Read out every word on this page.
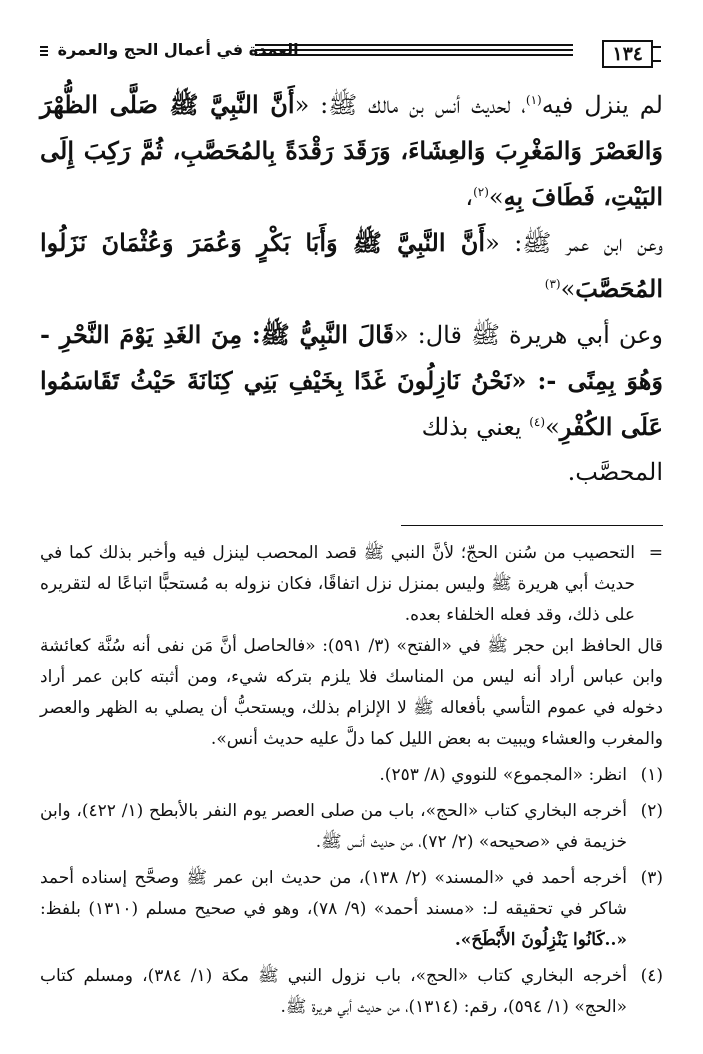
١٣٤
العمدة في أعمال الحج والعمرة

لم ينزل فيه$^{(١)}$، لحديث أنس بن مالك ﷺ: «أَنَّ النَّبِيَّ ﷺ صَلَّى الظُّهْرَ وَالعَصْرَ وَالمَغْرِبَ وَالعِشَاءَ، وَرَقَدَ رَقْدَةً بِالمُحَصَّبِ، ثُمَّ رَكِبَ إِلَى البَيْتِ، فَطَافَ بِهِ»$^{(٢)}$،

وعن ابن عمر ﷺ: «أَنَّ النَّبِيَّ ﷺ وَأَبَا بَكْرٍ وَعُمَرَ وَعُثْمَانَ نَزَلُوا المُحَصَّبَ»$^{(٣)}$

وعن أبي هريرة ﷺ قال: «قَالَ النَّبِيُّ ﷺ: مِنَ الغَدِ يَوْمَ النَّحْرِ - وَهُوَ بِمِنًى -: «نَحْنُ نَازِلُونَ غَدًا بِخَيْفِ بَنِي كِنَانَةَ حَيْثُ تَقَاسَمُوا عَلَى الكُفْرِ»$^{(٤)}$ يعني بذلك

المحصَّب.

=
التحصيب من سُنن الحجّ؛ لأنَّ النبي ﷺ قصد المحصب لينزل فيه وأخبر بذلك كما في حديث أبي هريرة ﷺ وليس بمنزل نزل اتفاقًا، فكان نزوله به مُستحبًّا اتباعًا له لتقريره على ذلك، وقد فعله الخلفاء بعده.

قال الحافظ ابن حجر ﷺ في «الفتح» (٣/ ٥٩١): «فالحاصل أنَّ مَن نفى أنه سُنَّة كعائشة وابن عباس أراد أنه ليس من المناسك فلا يلزم بتركه شيء، ومن أثبته كابن عمر أراد دخوله في عموم التأسي بأفعاله ﷺ لا الإلزام بذلك، ويستحبُّ أن يصلي به الظهر والعصر والمغرب والعشاء ويبيت به بعض الليل كما دلَّ عليه حديث أنس».

(١)
انظر: «المجموع» للنووي (٨/ ٢٥٣).
(٢)
أخرجه البخاري كتاب «الحج»، باب من صلى العصر يوم النفر بالأبطح (١/ ٤٢٢)، وابن خزيمة في «صحيحه» (٢/ ٧٢)، من حديث أنس ﷺ.
(٣)
أخرجه أحمد في «المسند» (٢/ ١٣٨)، من حديث ابن عمر ﷺ وصحَّح إسناده أحمد شاكر في تحقيقه لـ: «مسند أحمد» (٩/ ٧٨)، وهو في صحيح مسلم (١٣١٠) بلفظ: «..كَانُوا يَنْزِلُونَ الأَبْطَحَ».
(٤)
أخرجه البخاري كتاب «الحج»، باب نزول النبي ﷺ مكة (١/ ٣٨٤)، ومسلم كتاب «الحج» (١/ ٥٩٤)، رقم: (١٣١٤)، من حديث أبي هريرة ﷺ.
